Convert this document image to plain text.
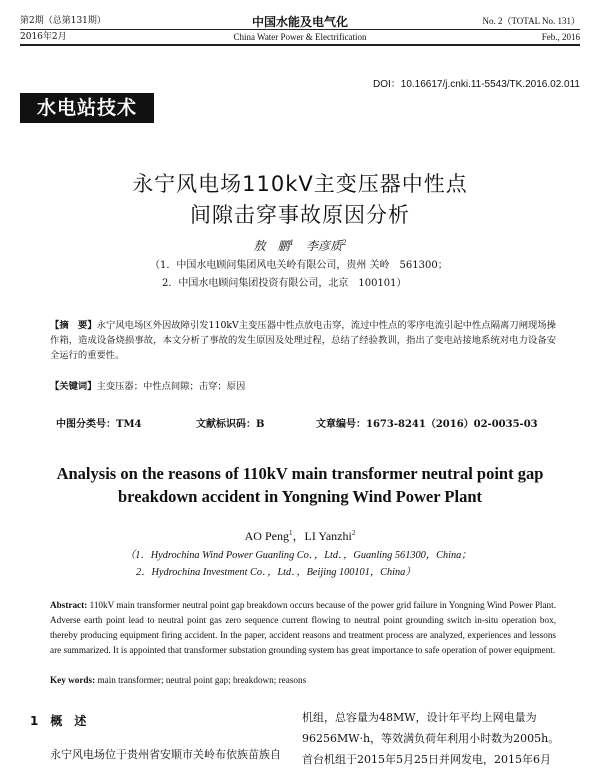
第2期（总第131期）
2016年2月
中国水能及电气化
China Water Power & Electrification
No. 2（TOTAL No. 131）
Feb., 2016
DOI：10.16617/j.cnki.11-5543/TK.2016.02.011
水电站技术
永宁风电场110kV主变压器中性点
间隙击穿事故原因分析
敖　鹏$^1$　 李彦质$^2$
（1．中国水电顾问集团风电关岭有限公司，贵州 关岭　561300；
2．中国水电顾问集团投资有限公司，北京　100101）
【摘　要】永宁风电场区外因故障引发110kV主变压器中性点放电击穿，流过中性点的零序电流引起中性点隔离刀闸现场操作箱，造成设备烧损事故，本文分析了事故的发生原因及处理过程，总结了经验教训，指出了变电站接地系统对电力设备安全运行的重要性。
【关键词】主变压器；中性点间隙；击穿；原因
中图分类号：TM4	文献标识码：B	文章编号：1673-8241（2016）02-0035-03
Analysis on the reasons of 110kV main transformer neutral point gap
breakdown accident in Yongning Wind Power Plant
AO Peng$^1$，LI Yanzhi$^2$
（1．Hydrochina Wind Power Guanling Co．，Ltd．，Guanling 561300，China；
2．Hydrochina Investment Co．，Ltd．，Beijing 100101，China）
Abstract: 110kV main transformer neutral point gap breakdown occurs because of the power grid failure in Yongning Wind Power Plant. Adverse earth point lead to neutral point gas zero sequence current flowing to neutral point grounding switch in-situ operation box, thereby producing equipment firing accident. In the paper, accident reasons and treatment process are analyzed, experiences and lessons are summarized. It is appointed that transformer substation grounding system has great importance to safe operation of power equipment.
Key words: main transformer; neutral point gap; breakdown; reasons
1　 概　述
永宁风电场位于贵州省安顺市关岭布依族苗族自
机组，总容量为48MW，设计年平均上网电量为
96256MW·h，等效满负荷年利用小时数为2005h。
首台机组于2015年5月25日并网发电，2015年6月
